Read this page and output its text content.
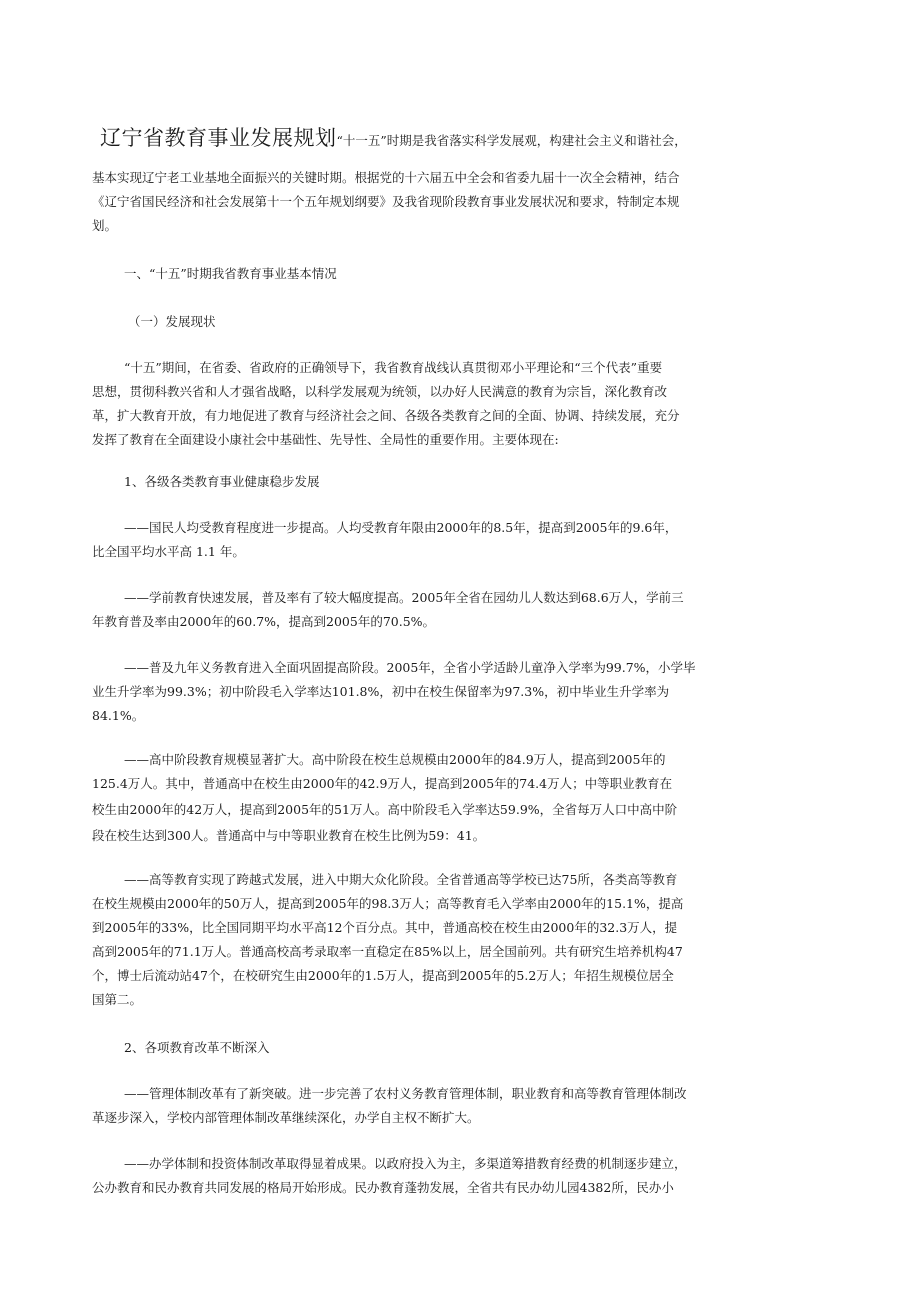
辽宁省教育事业发展规划“十一五”时期是我省落实科学发展观，构建社会主义和谐社会，
基本实现辽宁老工业基地全面振兴的关键时期。根据党的十六届五中全会和省委九届十一次全会精神，结合
《辽宁省国民经济和社会发展第十一个五年规划纲要》及我省现阶段教育事业发展状况和要求，特制定本规
划。
一、“十五”时期我省教育事业基本情况
（一）发展现状
“十五”期间，在省委、省政府的正确领导下，我省教育战线认真贯彻邓小平理论和“三个代表”重要
思想，贯彻科教兴省和人才强省战略，以科学发展观为统领，以办好人民满意的教育为宗旨，深化教育改
革，扩大教育开放，有力地促进了教育与经济社会之间、各级各类教育之间的全面、协调、持续发展，充分
发挥了教育在全面建设小康社会中基础性、先导性、全局性的重要作用。主要体现在:
1、各级各类教育事业健康稳步发展
——国民人均受教育程度进一步提高。人均受教育年限由2000年的8.5年，提高到2005年的9.6年，
比全国平均水平高 1.1 年。
——学前教育快速发展，普及率有了较大幅度提高。2005年全省在园幼儿人数达到68.6万人，学前三
年教育普及率由2000年的60.7%，提高到2005年的70.5%。
——普及九年义务教育进入全面巩固提高阶段。2005年，全省小学适龄儿童净入学率为99.7%，小学毕
业生升学率为99.3%；初中阶段毛入学率达101.8%，初中在校生保留率为97.3%，初中毕业生升学率为
84.1%。
——高中阶段教育规模显著扩大。高中阶段在校生总规模由2000年的84.9万人，提高到2005年的
125.4万人。其中，普通高中在校生由2000年的42.9万人，提高到2005年的74.4万人；中等职业教育在
校生由2000年的42万人，提高到2005年的51万人。高中阶段毛入学率达59.9%，全省每万人口中高中阶
段在校生达到300人。普通高中与中等职业教育在校生比例为59：41。
——高等教育实现了跨越式发展，进入中期大众化阶段。全省普通高等学校已达75所，各类高等教育
在校生规模由2000年的50万人，提高到2005年的98.3万人；高等教育毛入学率由2000年的15.1%，提高
到2005年的33%，比全国同期平均水平高12个百分点。其中，普通高校在校生由2000年的32.3万人，提
高到2005年的71.1万人。普通高校高考录取率一直稳定在85%以上，居全国前列。共有研究生培养机构47
个，博士后流动站47个，在校研究生由2000年的1.5万人，提高到2005年的5.2万人；年招生规模位居全
国第二。
2、各项教育改革不断深入
——管理体制改革有了新突破。进一步完善了农村义务教育管理体制，职业教育和高等教育管理体制改
革逐步深入，学校内部管理体制改革继续深化，办学自主权不断扩大。
——办学体制和投资体制改革取得显着成果。以政府投入为主，多渠道筹措教育经费的机制逐步建立，
公办教育和民办教育共同发展的格局开始形成。民办教育蓬勃发展，全省共有民办幼儿园4382所，民办小
